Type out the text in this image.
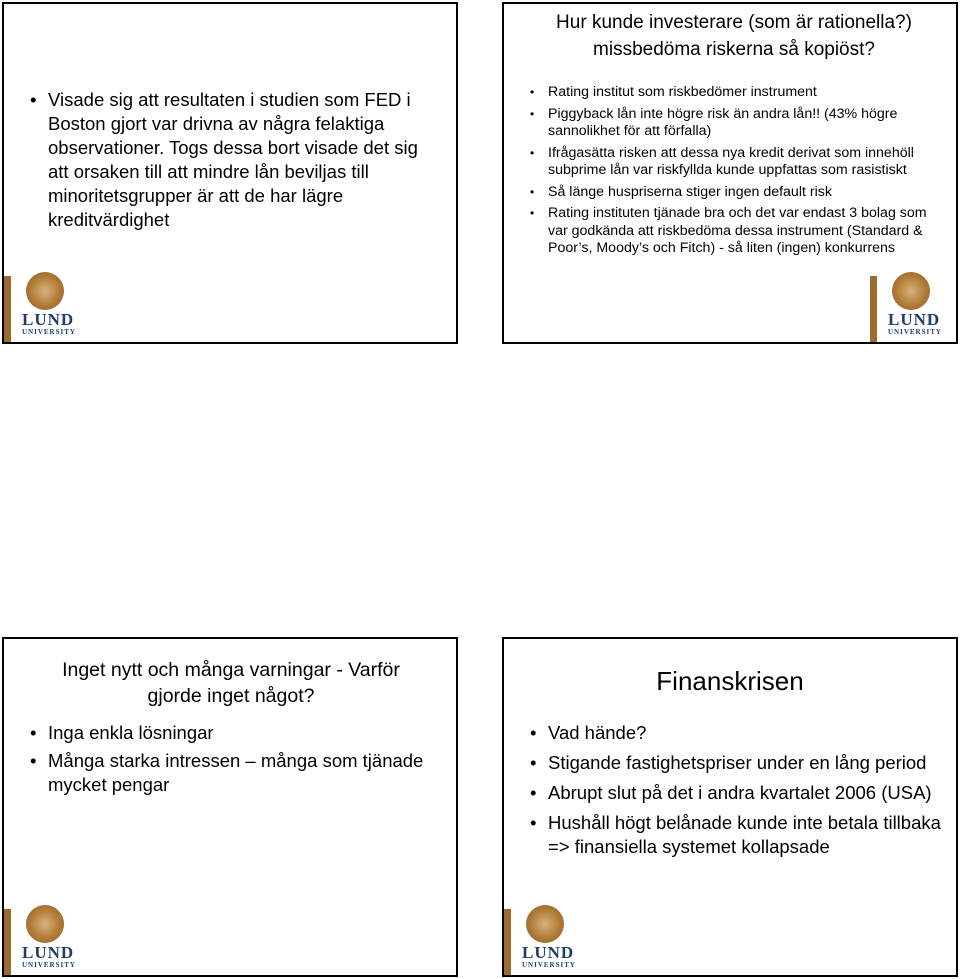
• Visade sig att resultaten i studien som FED i Boston gjort var drivna av några felaktiga observationer. Togs dessa bort visade det sig att orsaken till att mindre lån beviljas till minoritetsgrupper är att de har lägre kreditvärdighet
LUND
UNIVERSITY
Hur kunde investerare (som är rationella?) missbedöma riskerna så kopiöst?
• Rating institut som riskbedömer instrument
• Piggyback lån inte högre risk än andra lån!! (43% högre sannolikhet för att förfalla)
• Ifrågasätta risken att dessa nya kredit derivat som innehöll subprime lån var riskfyllda kunde uppfattas som rasistiskt
• Så länge huspriserna stiger ingen default risk
• Rating instituten tjänade bra och det var endast 3 bolag som var godkända att riskbedöma dessa instrument (Standard & Poor’s, Moody’s och Fitch) - så liten (ingen) konkurrens
LUND
UNIVERSITY
Inget nytt och många varningar - Varför gjorde inget något?
• Inga enkla lösningar
• Många starka intressen – många som tjänade mycket pengar
LUND
UNIVERSITY
Finanskrisen
• Vad hände?
• Stigande fastighetspriser under en lång period
• Abrupt slut på det i andra kvartalet 2006 (USA)
• Hushåll högt belånade kunde inte betala tillbaka => finansiella systemet kollapsade
LUND
UNIVERSITY
